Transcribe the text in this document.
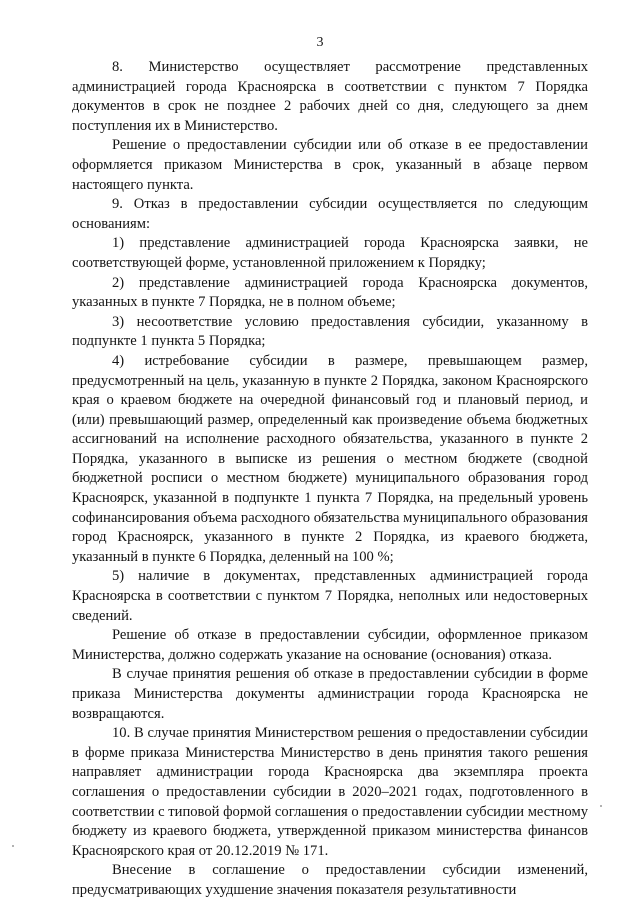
3

8. Министерство осуществляет рассмотрение представленных администрацией города Красноярска в соответствии с пунктом 7 Порядка документов в срок не позднее 2 рабочих дней со дня, следующего за днем поступления их в Министерство.

Решение о предоставлении субсидии или об отказе в ее предоставлении оформляется приказом Министерства в срок, указанный в абзаце первом настоящего пункта.

9. Отказ в предоставлении субсидии осуществляется по следующим основаниям:

1) представление администрацией города Красноярска заявки, не соответствующей форме, установленной приложением к Порядку;

2) представление администрацией города Красноярска документов, указанных в пункте 7 Порядка, не в полном объеме;

3) несоответствие условию предоставления субсидии, указанному в подпункте 1 пункта 5 Порядка;

4) истребование субсидии в размере, превышающем размер, предусмотренный на цель, указанную в пункте 2 Порядка, законом Красноярского края о краевом бюджете на очередной финансовый год и плановый период, и (или) превышающий размер, определенный как произведение объема бюджетных ассигнований на исполнение расходного обязательства, указанного в пункте 2 Порядка, указанного в выписке из решения о местном бюджете (сводной бюджетной росписи о местном бюджете) муниципального образования город Красноярск, указанной в подпункте 1 пункта 7 Порядка, на предельный уровень софинансирования объема расходного обязательства муниципального образования город Красноярск, указанного в пункте 2 Порядка, из краевого бюджета, указанный в пункте 6 Порядка, деленный на 100 %;

5) наличие в документах, представленных администрацией города Красноярска в соответствии с пунктом 7 Порядка, неполных или недостоверных сведений.

Решение об отказе в предоставлении субсидии, оформленное приказом Министерства, должно содержать указание на основание (основания) отказа.

В случае принятия решения об отказе в предоставлении субсидии в форме приказа Министерства документы администрации города Красноярска не возвращаются.

10. В случае принятия Министерством решения о предоставлении субсидии в форме приказа Министерства Министерство в день принятия такого решения направляет администрации города Красноярска два экземпляра проекта соглашения о предоставлении субсидии в 2020–2021 годах, подготовленного в соответствии с типовой формой соглашения о предоставлении субсидии местному бюджету из краевого бюджета, утвержденной приказом министерства финансов Красноярского края от 20.12.2019 № 171.

Внесение в соглашение о предоставлении субсидии изменений, предусматривающих ухудшение значения показателя результативности
